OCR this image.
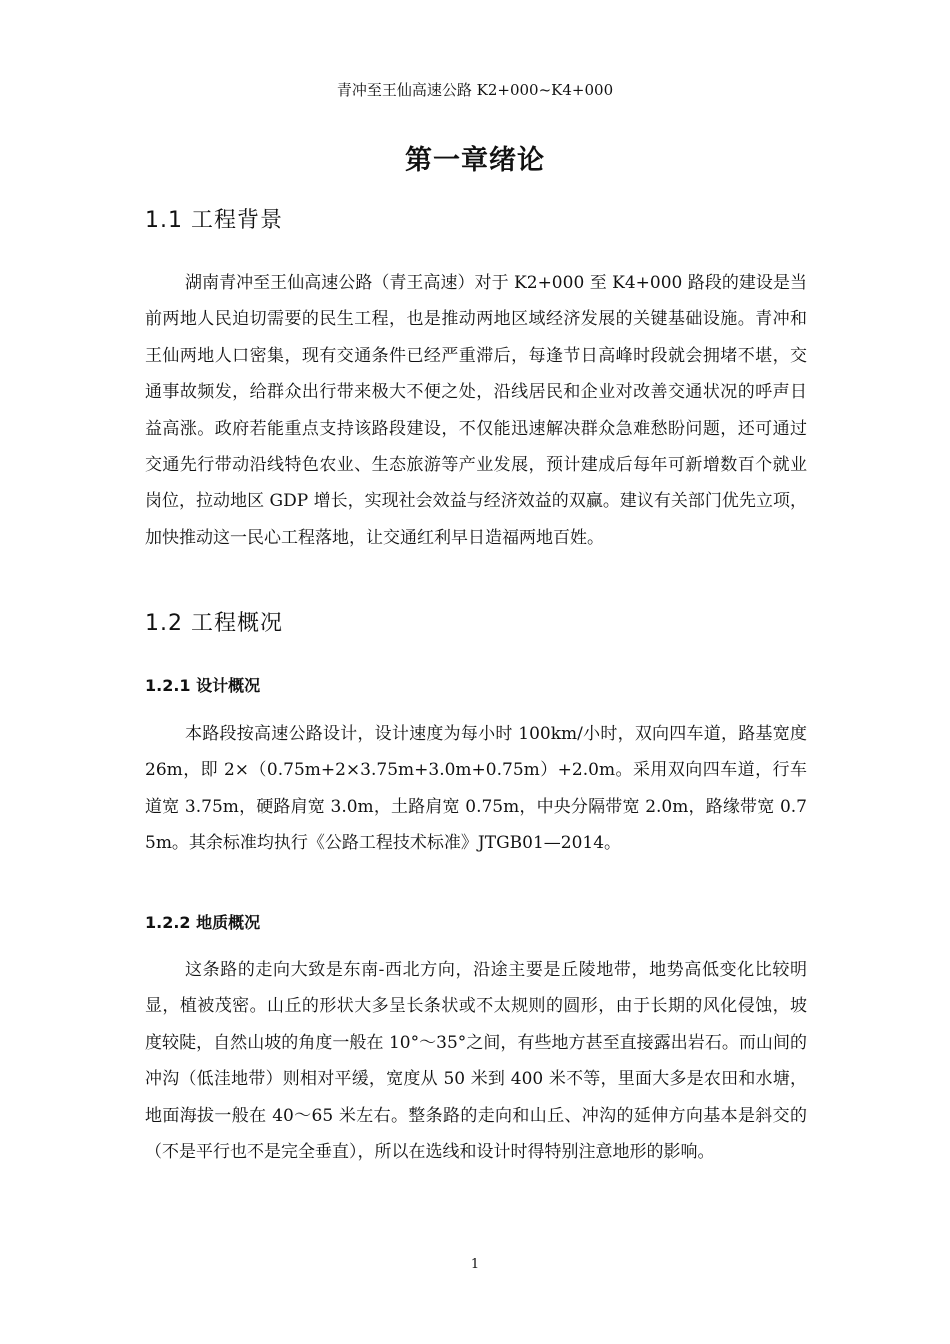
青冲至王仙高速公路 K2+000~K4+000
第一章绪论
1.1 工程背景

湖南青冲至王仙高速公路（青王高速）对于 K2+000 至 K4+000 路段的建设是当前两地人民迫切需要的民生工程，也是推动两地区域经济发展的关键基础设施。青冲和王仙两地人口密集，现有交通条件已经严重滞后，每逢节日高峰时段就会拥堵不堪，交通事故频发，给群众出行带来极大不便之处，沿线居民和企业对改善交通状况的呼声日益高涨。政府若能重点支持该路段建设，不仅能迅速解决群众急难愁盼问题，还可通过交通先行带动沿线特色农业、生态旅游等产业发展，预计建成后每年可新增数百个就业岗位，拉动地区 GDP 增长，实现社会效益与经济效益的双赢。建议有关部门优先立项，加快推动这一民心工程落地，让交通红利早日造福两地百姓。

1.2 工程概况
1.2.1 设计概况

本路段按高速公路设计，设计速度为每小时 100km/小时，双向四车道，路基宽度 26m，即 2×（0.75m+2×3.75m+3.0m+0.75m）+2.0m。采用双向四车道，行车道宽 3.75m，硬路肩宽 3.0m，土路肩宽 0.75m，中央分隔带宽 2.0m，路缘带宽 0.75m。其余标准均执行《公路工程技术标准》JTGB01—2014。

1.2.2 地质概况

这条路的走向大致是东南-西北方向，沿途主要是丘陵地带，地势高低变化比较明显，植被茂密。山丘的形状大多呈长条状或不太规则的圆形，由于长期的风化侵蚀，坡度较陡，自然山坡的角度一般在 10°～35°之间，有些地方甚至直接露出岩石。而山间的冲沟（低洼地带）则相对平缓，宽度从 50 米到 400 米不等，里面大多是农田和水塘，地面海拔一般在 40～65 米左右。整条路的走向和山丘、冲沟的延伸方向基本是斜交的（不是平行也不是完全垂直），所以在选线和设计时得特别注意地形的影响。

1
